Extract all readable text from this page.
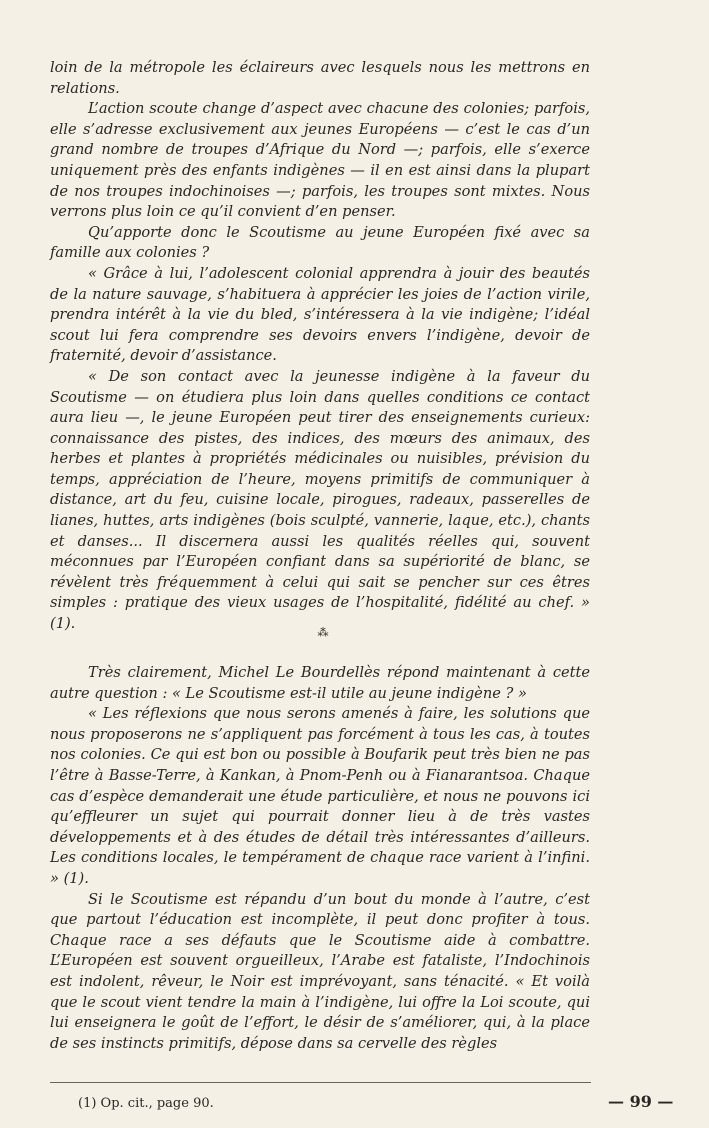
loin de la métropole les éclaireurs avec lesquels nous les mettrons en relations.

L’action scoute change d’aspect avec chacune des colonies; parfois, elle s’adresse exclusivement aux jeunes Européens — c’est le cas d’un grand nombre de troupes d’Afrique du Nord —; parfois, elle s’exerce uniquement près des enfants indigènes — il en est ainsi dans la plupart de nos troupes indochinoises —; parfois, les troupes sont mixtes. Nous verrons plus loin ce qu’il convient d’en penser.

Qu’apporte donc le Scoutisme au jeune Européen fixé avec sa famille aux colonies ?

« Grâce à lui, l’adolescent colonial apprendra à jouir des beautés de la nature sauvage, s’habituera à apprécier les joies de l’action virile, prendra intérêt à la vie du bled, s’intéressera à la vie indigène; l’idéal scout lui fera comprendre ses devoirs envers l’indigène, devoir de fraternité, devoir d’assistance.

« De son contact avec la jeunesse indigène à la faveur du Scoutisme — on étudiera plus loin dans quelles conditions ce contact aura lieu —, le jeune Européen peut tirer des enseignements curieux: connaissance des pistes, des indices, des mœurs des animaux, des herbes et plantes à propriétés médicinales ou nuisibles, prévision du temps, appréciation de l’heure, moyens primitifs de communiquer à distance, art du feu, cuisine locale, pirogues, radeaux, passerelles de lianes, huttes, arts indigènes (bois sculpté, vannerie, laque, etc.), chants et danses... Il discernera aussi les qualités réelles qui, souvent méconnues par l’Européen confiant dans sa supériorité de blanc, se révèlent très fréquemment à celui qui sait se pencher sur ces êtres simples : pratique des vieux usages de l’hospitalité, fidélité au chef. » (1).

⁂

Très clairement, Michel Le Bourdellès répond maintenant à cette autre question : « Le Scoutisme est-il utile au jeune indigène ? »

« Les réflexions que nous serons amenés à faire, les solutions que nous proposerons ne s’appliquent pas forcément à tous les cas, à toutes nos colonies. Ce qui est bon ou possible à Boufarik peut très bien ne pas l’être à Basse-Terre, à Kankan, à Pnom-Penh ou à Fianarantsoa. Chaque cas d’espèce demanderait une étude particulière, et nous ne pouvons ici qu’effleurer un sujet qui pourrait donner lieu à de très vastes développements et à des études de détail très intéressantes d’ailleurs. Les conditions locales, le tempérament de chaque race varient à l’infini. » (1).

Si le Scoutisme est répandu d’un bout du monde à l’autre, c’est que partout l’éducation est incomplète, il peut donc profiter à tous. Chaque race a ses défauts que le Scoutisme aide à combattre. L’Européen est souvent orgueilleux, l’Arabe est fataliste, l’Indochinois est indolent, rêveur, le Noir est imprévoyant, sans ténacité. « Et voilà que le scout vient tendre la main à l’indigène, lui offre la Loi scoute, qui lui enseignera le goût de l’effort, le désir de s’améliorer, qui, à la place de ses instincts primitifs, dépose dans sa cervelle des règles

(1) Op. cit., page 90.	— 99 —
